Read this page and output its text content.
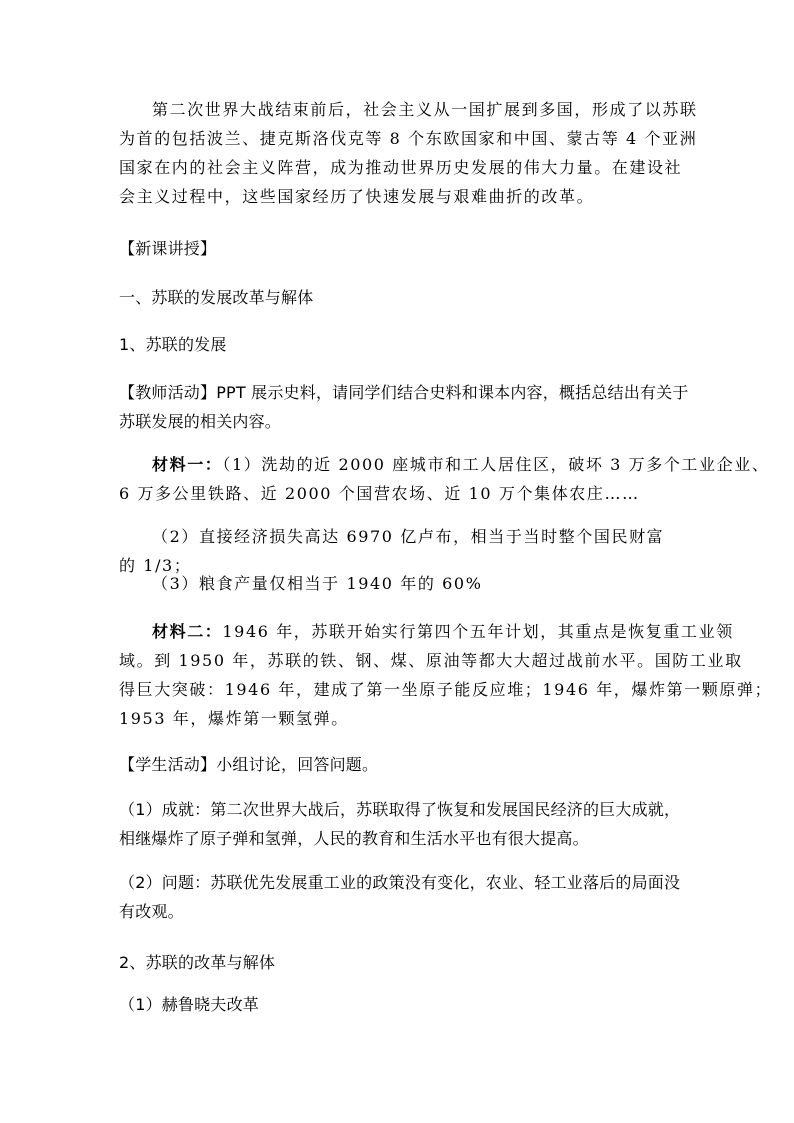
第二次世界大战结束前后，社会主义从一国扩展到多国，形成了以苏联
为首的包括波兰、捷克斯洛伐克等 8 个东欧国家和中国、蒙古等 4 个亚洲
国家在内的社会主义阵营，成为推动世界历史发展的伟大力量。在建设社
会主义过程中，这些国家经历了快速发展与艰难曲折的改革。
【新课讲授】
一、苏联的发展改革与解体
1、苏联的发展
【教师活动】PPT 展示史料，请同学们结合史料和课本内容，概括总结出有关于
苏联发展的相关内容。
材料一：（1）洗劫的近 2000 座城市和工人居住区，破坏 3 万多个工业企业、
6 万多公里铁路、近 2000 个国营农场、近 10 万个集体农庄……
（2）直接经济损失高达 6970 亿卢布，相当于当时整个国民财富的 1/3；
（3）粮食产量仅相当于 1940 年的 60%
材料二：1946 年，苏联开始实行第四个五年计划，其重点是恢复重工业领
域。到 1950 年，苏联的铁、钢、煤、原油等都大大超过战前水平。国防工业取
得巨大突破：1946 年，建成了第一坐原子能反应堆；1946 年，爆炸第一颗原弹；
1953 年，爆炸第一颗氢弹。
【学生活动】小组讨论，回答问题。
（1）成就：第二次世界大战后，苏联取得了恢复和发展国民经济的巨大成就，
相继爆炸了原子弹和氢弹，人民的教育和生活水平也有很大提高。
（2）问题：苏联优先发展重工业的政策没有变化，农业、轻工业落后的局面没
有改观。
2、苏联的改革与解体
（1）赫鲁晓夫改革
